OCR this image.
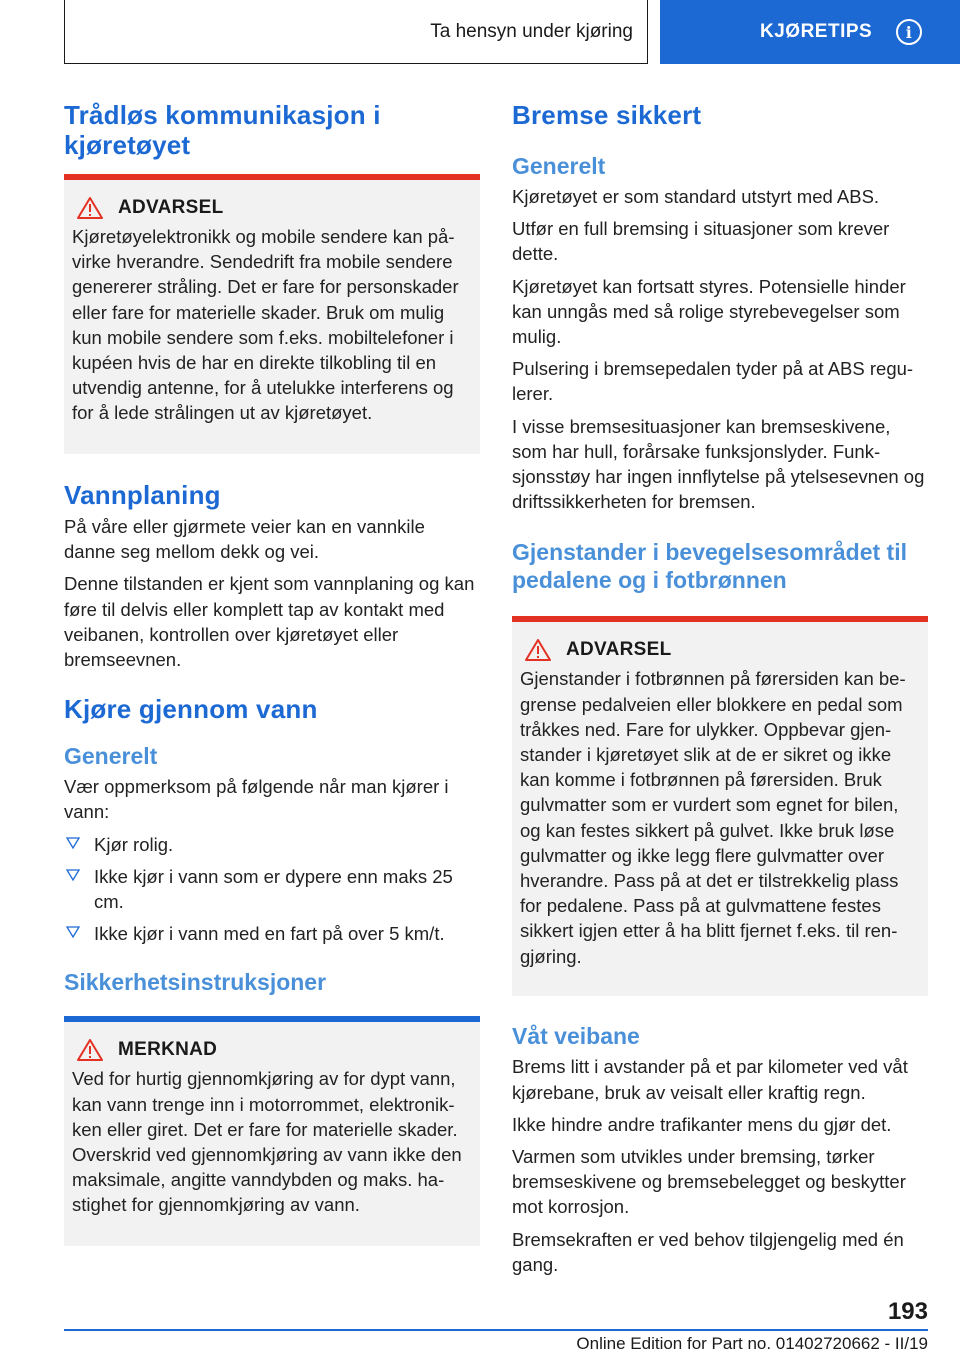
Ta hensyn under kjøring	KJØRETIPS	i
Trådløs kommunikasjon i
kjøretøyet
ADVARSEL

Kjøretøyelektronikk og mobile sendere kan påvirke hverandre. Sendedrift fra mobile sendere genererer stråling. Det er fare for personskader eller fare for materielle skader. Bruk om mulig kun mobile sendere som f.eks. mobiltelefoner i kupéen hvis de har en direkte tilkobling til en utvendig antenne, for å utelukke interferens og for å lede strålingen ut av kjøretøyet.

Vannplaning

På våre eller gjørmete veier kan en vannkile danne seg mellom dekk og vei.

Denne tilstanden er kjent som vannplaning og kan føre til delvis eller komplett tap av kontakt med veibanen, kontrollen over kjøretøyet eller bremseevnen.

Kjøre gjennom vann
Generelt

Vær oppmerksom på følgende når man kjører i vann:

Kjør rolig.
Ikke kjør i vann som er dypere enn maks 25 cm.
Ikke kjør i vann med en fart på over 5 km/t.
Sikkerhetsinstruksjoner
MERKNAD

Ved for hurtig gjennomkjøring av for dypt vann, kan vann trenge inn i motorrommet, elektronikken eller giret. Det er fare for materielle skader. Overskrid ved gjennomkjøring av vann ikke den maksimale, angitte vanndybden og maks. hastighet for gjennomkjøring av vann.

Bremse sikkert
Generelt

Kjøretøyet er som standard utstyrt med ABS.

Utfør en full bremsing i situasjoner som krever dette.

Kjøretøyet kan fortsatt styres. Potensielle hinder kan unngås med så rolige styrebevegelser som mulig.

Pulsering i bremsepedalen tyder på at ABS regulerer.

I visse bremsesituasjoner kan bremseskivene, som har hull, forårsake funksjonslyder. Funksjonsstøy har ingen innflytelse på ytelsesevnen og driftssikkerheten for bremsen.

Gjenstander i bevegelsesområdet til
pedalene og i fotbrønnen
ADVARSEL

Gjenstander i fotbrønnen på førersiden kan begrense pedalveien eller blokkere en pedal som tråkkes ned. Fare for ulykker. Oppbevar gjenstander i kjøretøyet slik at de er sikret og ikke kan komme i fotbrønnen på førersiden. Bruk gulvmatter som er vurdert som egnet for bilen, og kan festes sikkert på gulvet. Ikke bruk løse gulvmatter og ikke legg flere gulvmatter over hverandre. Pass på at det er tilstrekkelig plass for pedalene. Pass på at gulvmattene festes sikkert igjen etter å ha blitt fjernet f.eks. til rengjøring.

Våt veibane

Brems litt i avstander på et par kilometer ved våt kjørebane, bruk av veisalt eller kraftig regn.

Ikke hindre andre trafikanter mens du gjør det.

Varmen som utvikles under bremsing, tørker bremseskivene og bremsebelegget og beskytter mot korrosjon.

Bremsekraften er ved behov tilgjengelig med én gang.

193
Online Edition for Part no. 01402720662 - II/19
